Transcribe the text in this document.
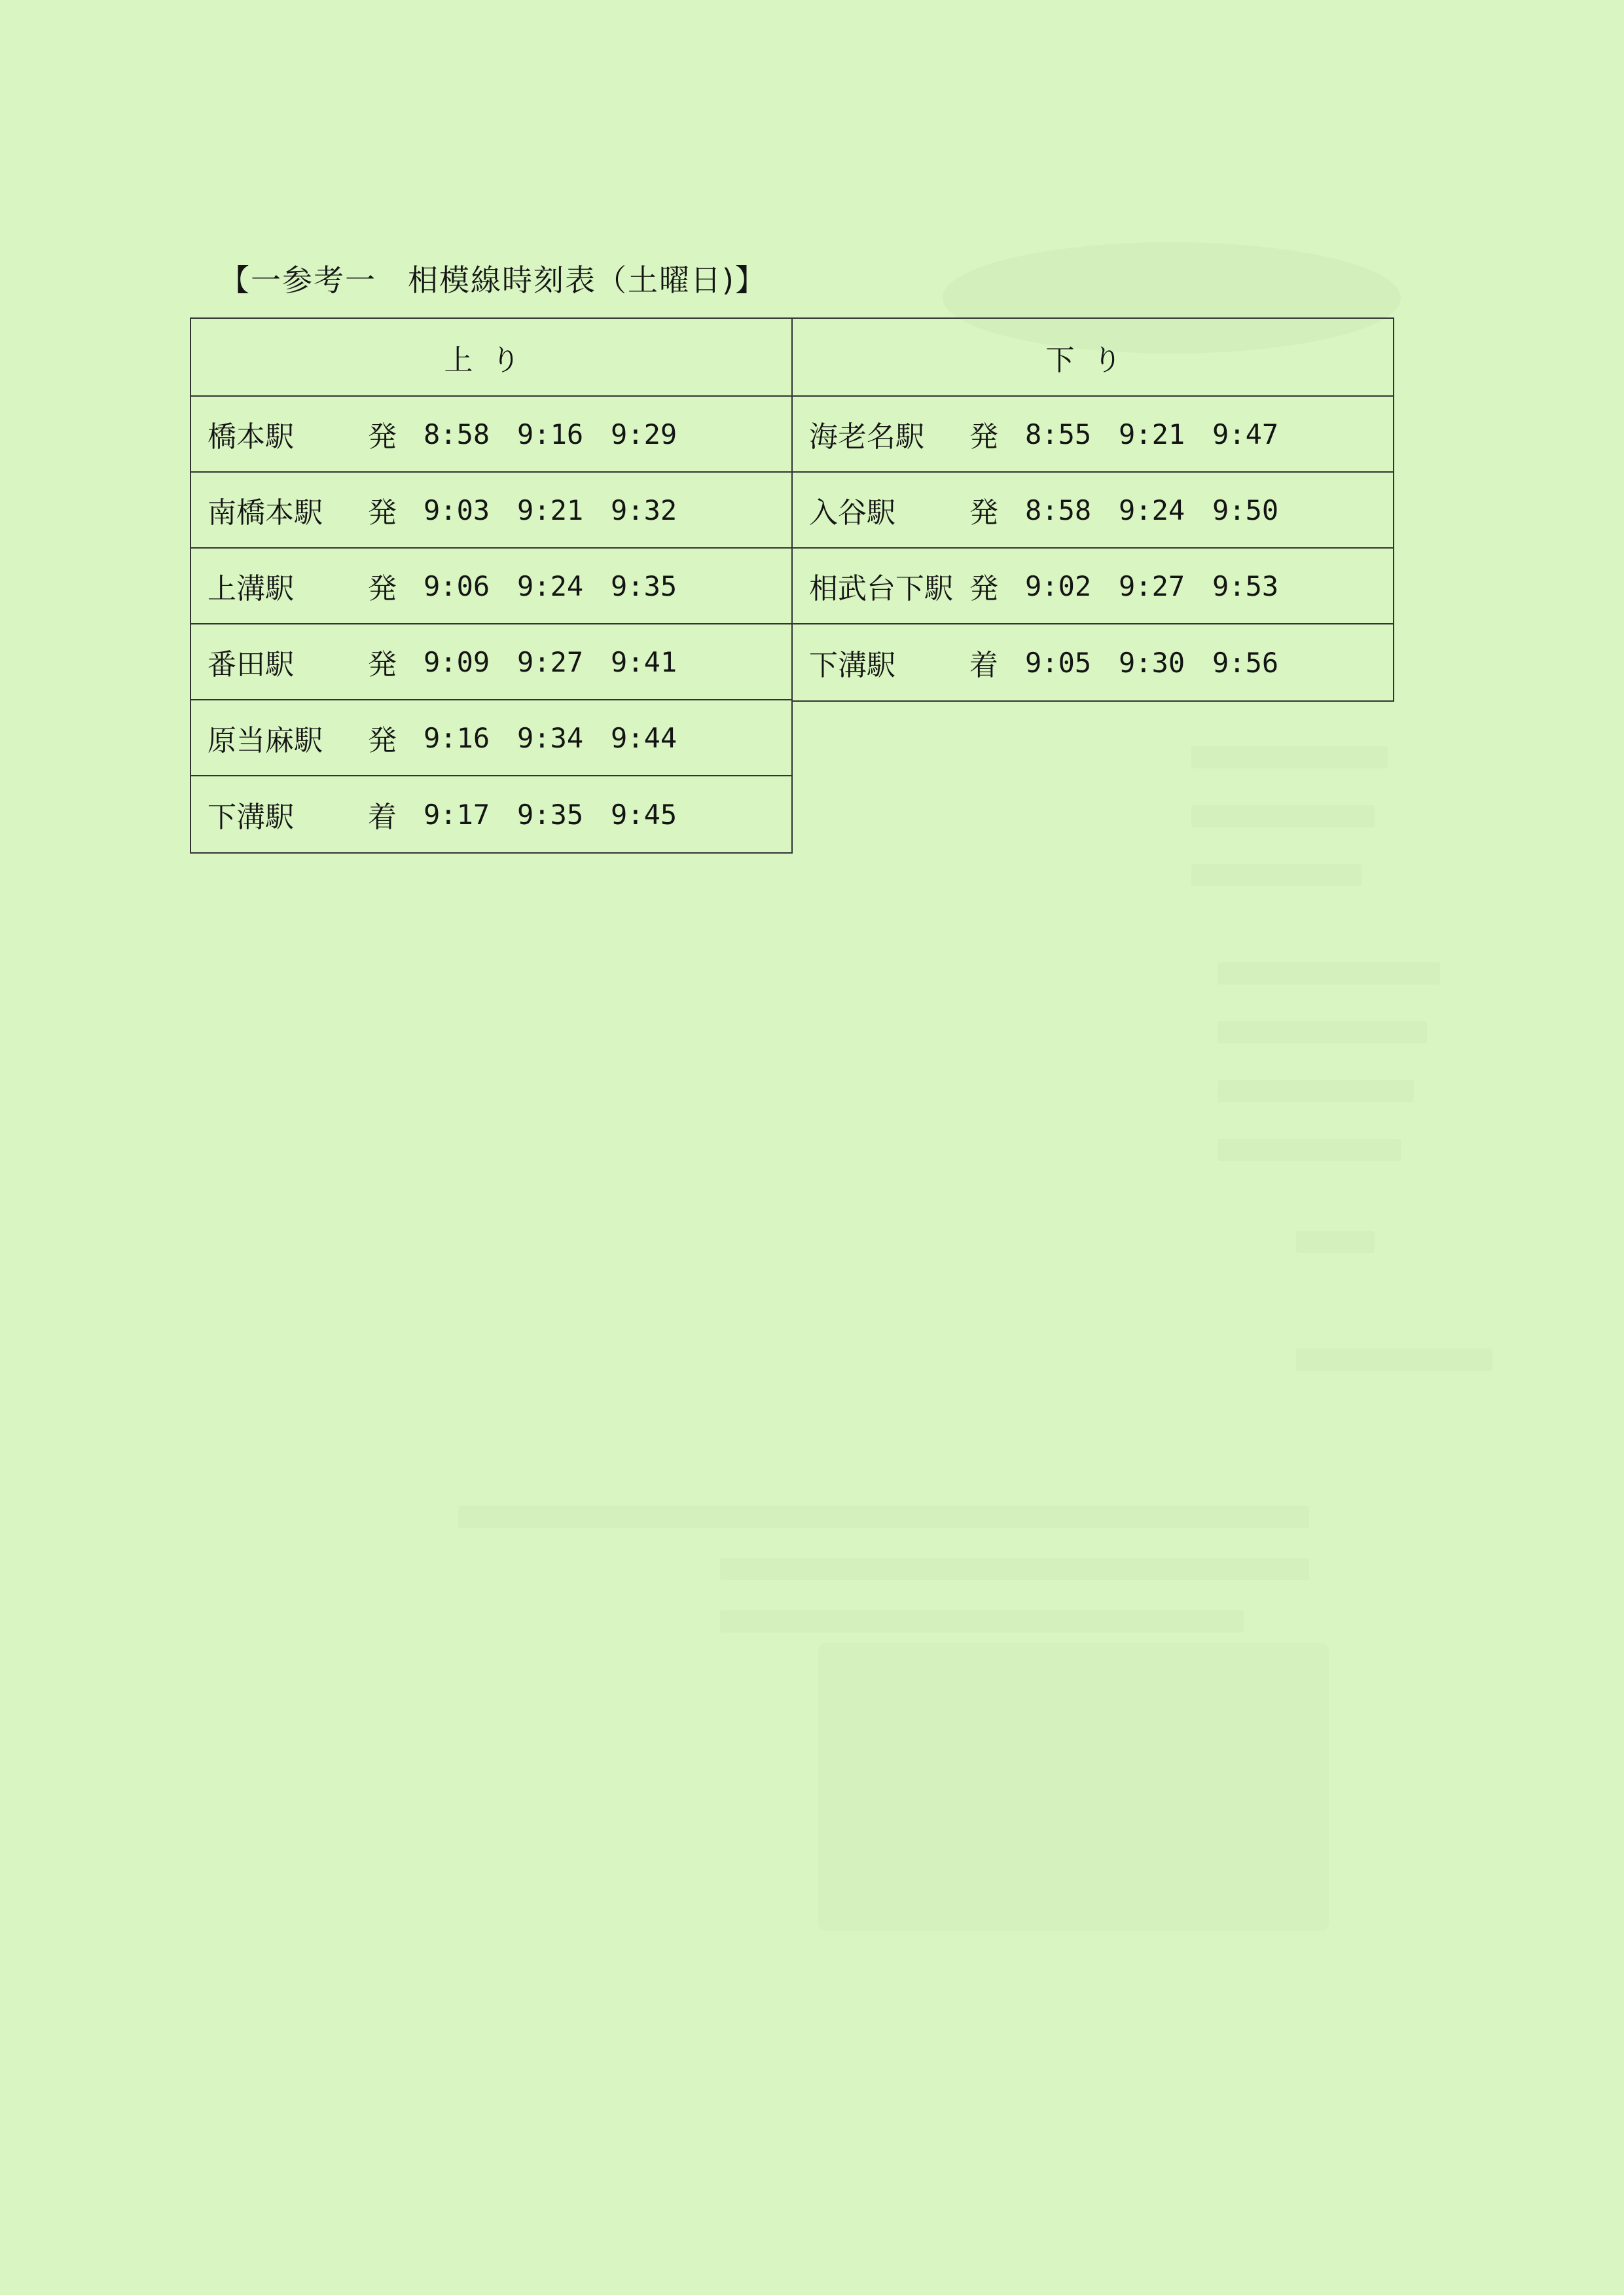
【一参考一　相模線時刻表（土曜日)】
上り
橋本駅	発 8:58 9:16 9:29
南橋本駅	発 9:03 9:21 9:32
上溝駅	発 9:06 9:24 9:35
番田駅	発 9:09 9:27 9:41
原当麻駅	発 9:16 9:34 9:44
下溝駅	着 9:17 9:35 9:45
下り
海老名駅	発 8:55 9:21 9:47
入谷駅	発 8:58 9:24 9:50
相武台下駅 発 9:02 9:27 9:53
下溝駅	着 9:05 9:30 9:56
